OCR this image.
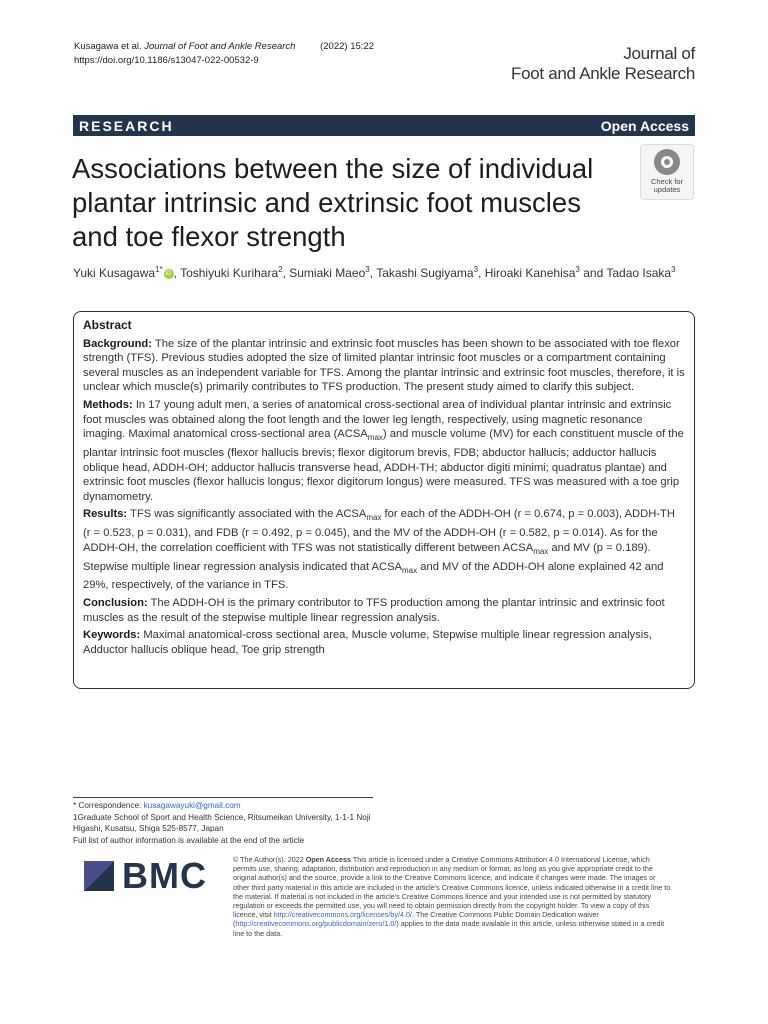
Kusagawa et al. Journal of Foot and Ankle Research	(2022) 15:22
https://doi.org/10.1186/s13047-022-00532-9	Journal of
Foot and Ankle Research
RESEARCH	Open Access
Associations between the size of individual plantar intrinsic and extrinsic foot muscles and toe flexor strength
Check for
updates
Yuki Kusagawa$^{1*}$ iD , Toshiyuki Kurihara$^2$, Sumiaki Maeo$^3$, Takashi Sugiyama$^3$, Hiroaki Kanehisa$^3$ and Tadao Isaka$^3$
Abstract

Background: The size of the plantar intrinsic and extrinsic foot muscles has been shown to be associated with toe flexor strength (TFS). Previous studies adopted the size of limited plantar intrinsic foot muscles or a compartment containing several muscles as an independent variable for TFS. Among the plantar intrinsic and extrinsic foot muscles, therefore, it is unclear which muscle(s) primarily contributes to TFS production. The present study aimed to clarify this subject.

Methods: In 17 young adult men, a series of anatomical cross-sectional area of individual plantar intrinsic and extrinsic foot muscles was obtained along the foot length and the lower leg length, respectively, using magnetic resonance imaging. Maximal anatomical cross-sectional area $(ACSA_{max})$ and muscle volume (MV) for each constituent muscle of the plantar intrinsic foot muscles (flexor hallucis brevis; flexor digitorum brevis, FDB; abductor hallucis; adductor hallucis oblique head, ADDH-OH; adductor hallucis transverse head, ADDH-TH; abductor digiti minimi; quadratus plantae) and extrinsic foot muscles (flexor hallucis longus; flexor digitorum longus) were measured. TFS was measured with a toe grip dynamometry.

Results: TFS was significantly associated with the $ACSA_{max}$ for each of the ADDH-OH (r = 0.674, p = 0.003), ADDH-TH (r = 0.523, p = 0.031), and FDB (r = 0.492, p = 0.045), and the MV of the ADDH-OH (r = 0.582, p = 0.014). As for the ADDH-OH, the correlation coefficient with TFS was not statistically different between $ACSA_{max}$ and MV (p = 0.189). Stepwise multiple linear regression analysis indicated that $ACSA_{max}$ and MV of the ADDH-OH alone explained 42 and 29%, respectively, of the variance in TFS.

Conclusion: The ADDH-OH is the primary contributor to TFS production among the plantar intrinsic and extrinsic foot muscles as the result of the stepwise multiple linear regression analysis.

Keywords: Maximal anatomical-cross sectional area, Muscle volume, Stepwise multiple linear regression analysis, Adductor hallucis oblique head, Toe grip strength

* Correspondence: kusagawayuki@gmail.com
1Graduate School of Sport and Health Science, Ritsumeikan University, 1-1-1 Noji Higashi, Kusatsu, Shiga 525-8577, Japan
Full list of author information is available at the end of the article
BMC	© The Author(s). 2022 Open Access This article is licensed under a Creative Commons Attribution 4.0 International License, which permits use, sharing, adaptation, distribution and reproduction in any medium or format, as long as you give appropriate credit to the original author(s) and the source, provide a link to the Creative Commons licence, and indicate if changes were made. The images or other third party material in this article are included in the article's Creative Commons licence, unless indicated otherwise in a credit line to the material. If material is not included in the article's Creative Commons licence and your intended use is not permitted by statutory regulation or exceeds the permitted use, you will need to obtain permission directly from the copyright holder. To view a copy of this licence, visit http://creativecommons.org/licenses/by/4.0/. The Creative Commons Public Domain Dedication waiver (http://creativecommons.org/publicdomain/zero/1.0/) applies to the data made available in this article, unless otherwise stated in a credit line to the data.
